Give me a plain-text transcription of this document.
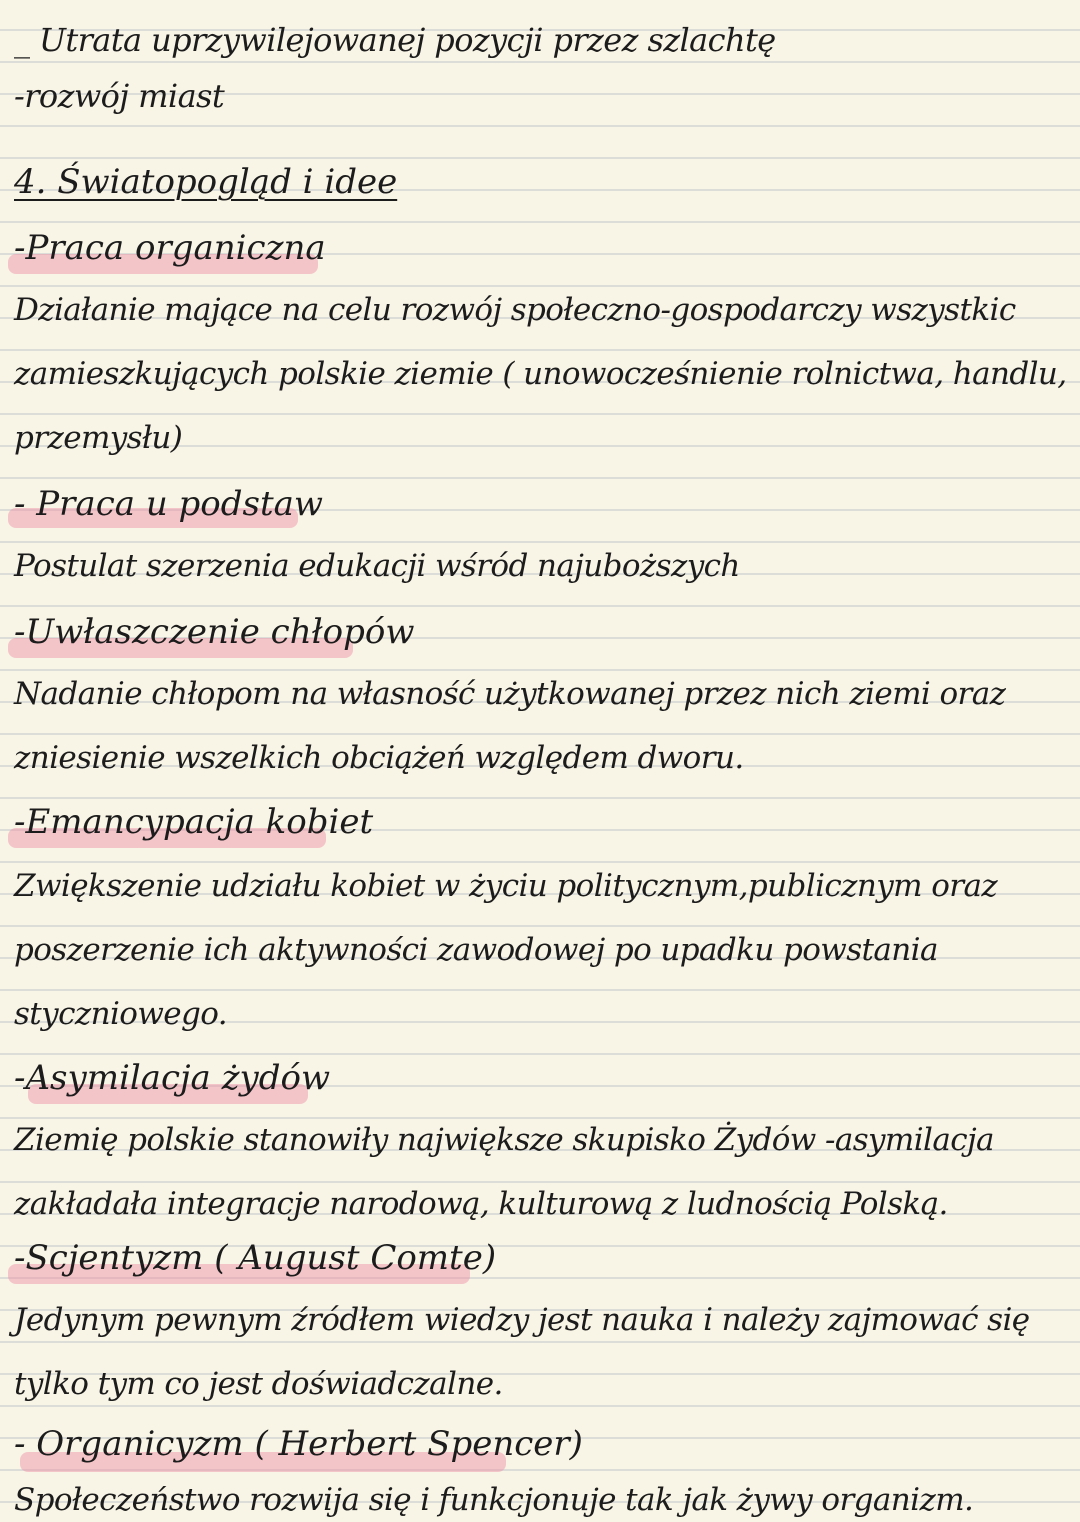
_ Utrata uprzywilejowanej pozycji przez szlachtę
-rozwój miast
4. Światopogląd i idee
-Praca organiczna
Działanie mające na celu rozwój społeczno-gospodarczy wszystkic
zamieszkujących polskie ziemie ( unowocześnienie rolnictwa, handlu,
przemysłu)
- Praca u podstaw
Postulat szerzenia edukacji wśród najuboższych
-Uwłaszczenie chłopów
Nadanie chłopom na własność użytkowanej przez nich ziemi oraz
zniesienie wszelkich obciążeń względem dworu.
-Emancypacja kobiet
Zwiększenie udziału kobiet w życiu politycznym,publicznym oraz
poszerzenie ich aktywności zawodowej po upadku powstania
styczniowego.
-Asymilacja żydów
Ziemię polskie stanowiły największe skupisko Żydów -asymilacja
zakładała integracje narodową, kulturową z ludnością Polską.
-Scjentyzm ( August Comte)
Jedynym pewnym źródłem wiedzy jest nauka i należy zajmować się
tylko tym co jest doświadczalne.
- Organicyzm ( Herbert Spencer)
Społeczeństwo rozwija się i funkcjonuje tak jak żywy organizm.
